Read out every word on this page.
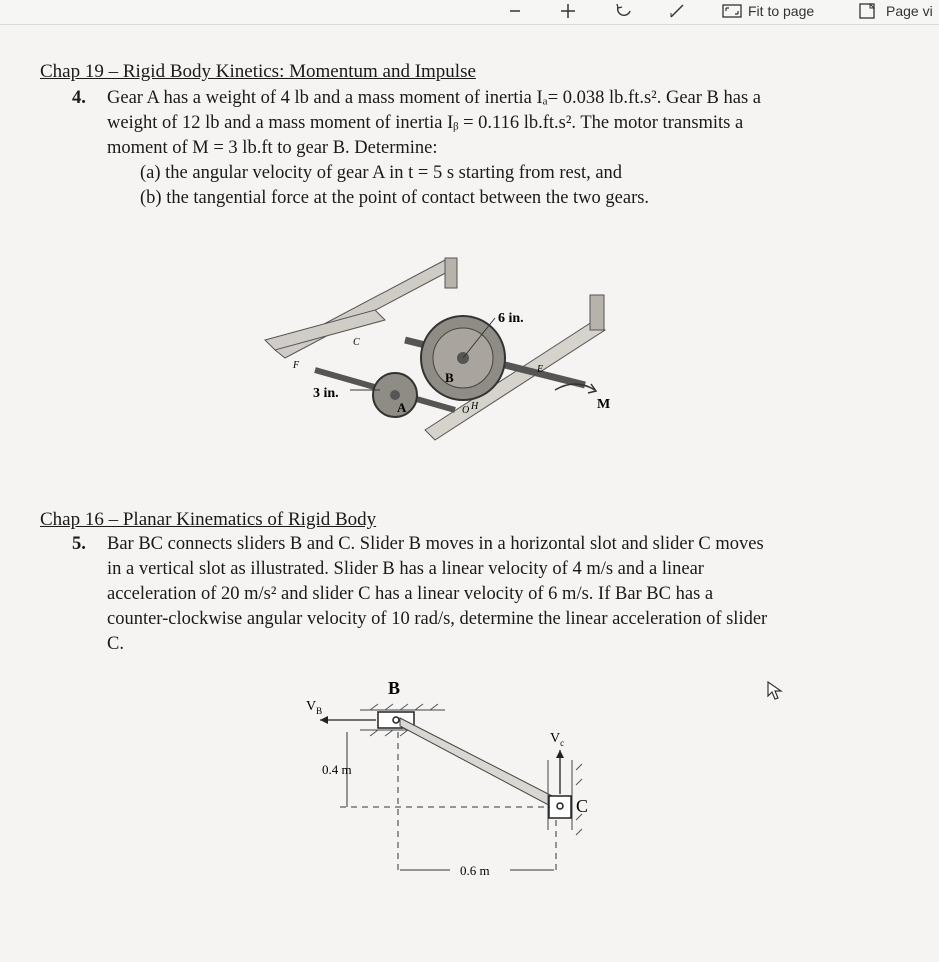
Fit to page	Page vi
Chap 19 – Rigid Body Kinetics: Momentum and Impulse
4. Gear A has a weight of 4 lb and a mass moment of inertia Iₐ= 0.038 lb.ft.s². Gear B has a
weight of 12 lb and a mass moment of inertia Iᵦ = 0.116 lb.ft.s². The motor transmits a
moment of M = 3 lb.ft to gear B. Determine:
(a) the angular velocity of gear A in t = 5 s starting from rest, and
(b) the tangential force at the point of contact between the two gears.
6 in.
3 in.
B
A	M
C
F	E
O H
Chap 16 – Planar Kinematics of Rigid Body
5. Bar BC connects sliders B and C. Slider B moves in a horizontal slot and slider C moves
in a vertical slot as illustrated. Slider B has a linear velocity of 4 m/s and a linear
acceleration of 20 m/s² and slider C has a linear velocity of 6 m/s. If Bar BC has a
counter-clockwise angular velocity of 10 rad/s, determine the linear acceleration of slider
C.
B
$V_B$
$V_c$
C
0.4 m
0.6 m
